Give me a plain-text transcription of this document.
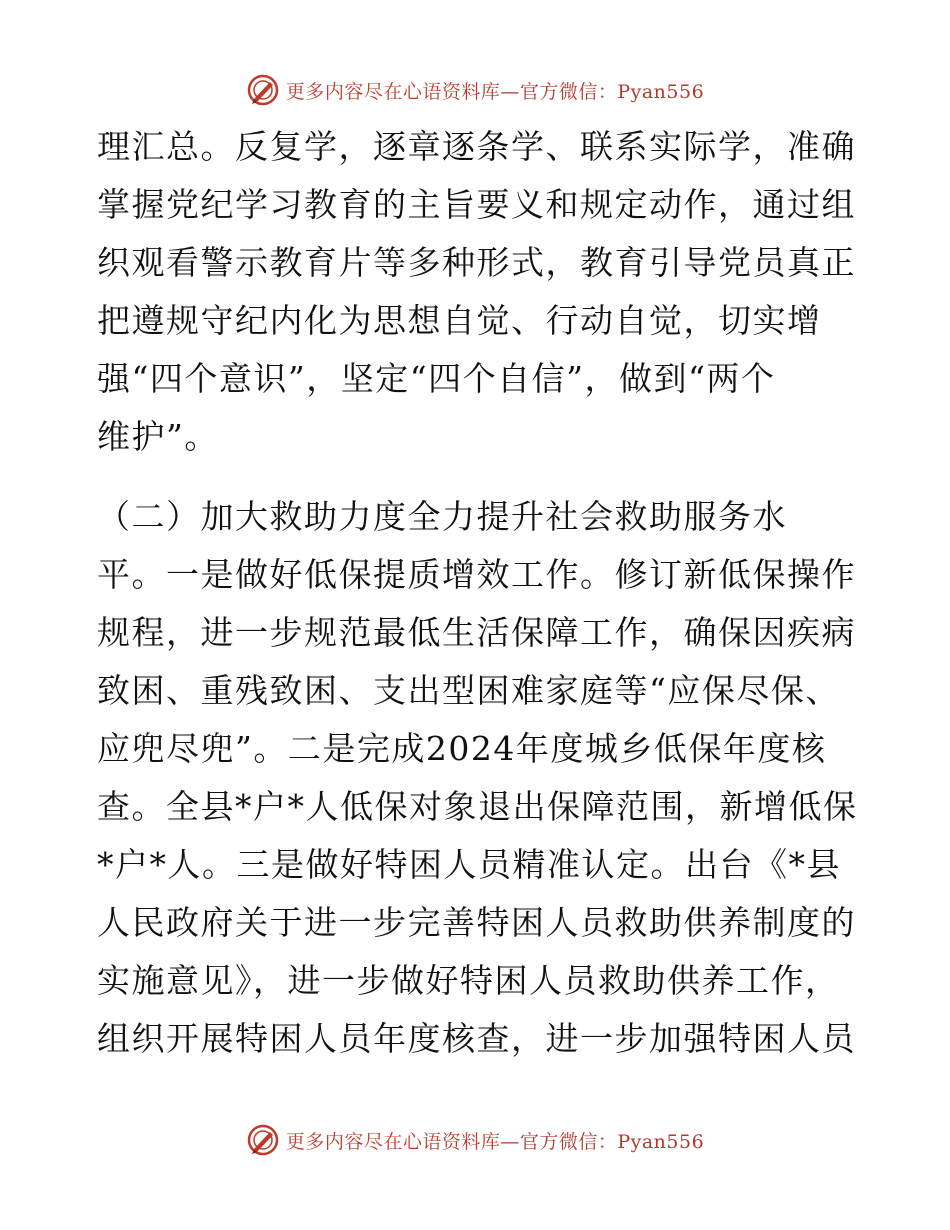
更多内容尽在心语资料库—官方微信：Pyan556
理汇总。反复学，逐章逐条学、联系实际学，准确
掌握党纪学习教育的主旨要义和规定动作，通过组
织观看警示教育片等多种形式，教育引导党员真正
把遵规守纪内化为思想自觉、行动自觉，切实增
强“四个意识”，坚定“四个自信”，做到“两个
维护”。
（二）加大救助力度全力提升社会救助服务水
平。一是做好低保提质增效工作。修订新低保操作
规程，进一步规范最低生活保障工作，确保因疾病
致困、重残致困、支出型困难家庭等“应保尽保、
应兜尽兜”。二是完成2024年度城乡低保年度核
查。全县*户*人低保对象退出保障范围，新增低保
*户*人。三是做好特困人员精准认定。出台《*县
人民政府关于进一步完善特困人员救助供养制度的
实施意见》，进一步做好特困人员救助供养工作，
组织开展特困人员年度核查，进一步加强特困人员
更多内容尽在心语资料库—官方微信：Pyan556
